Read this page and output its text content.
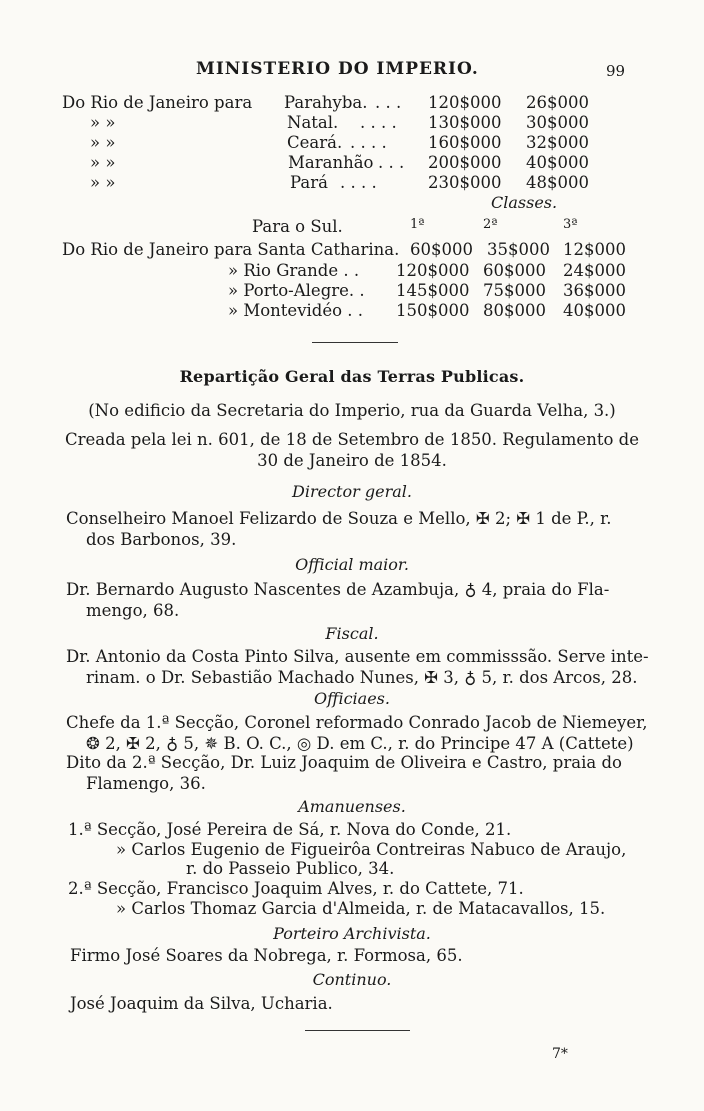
MINISTERIO DO IMPERIO.	99
Do Rio de Janeiro para Parahyba. . . . 120$000 26$000
» »	Natal. . . . . 130$000 30$000
» »	Ceará. . . . .	160$000 32$000
» »	Maranhão . . . 200$000 40$000
» »	Pará . . . .	230$000 48$000
Classes.
Para o Sul.	1ª	2ª	3ª
Do Rio de Janeiro para Santa Catharina. 60$000 35$000 12$000
» Rio Grande . . 120$000 60$000 24$000
» Porto-Alegre. . 145$000 75$000 36$000
» Montevidéo . . 150$000 80$000 40$000
Repartição Geral das Terras Publicas.
(No edificio da Secretaria do Imperio, rua da Guarda Velha, 3.)
Creada pela lei n. 601, de 18 de Setembro de 1850. Regulamento de
30 de Janeiro de 1854.
Director geral.
Conselheiro Manoel Felizardo de Souza e Mello, ✠ 2; ✠ 1 de P., r.
dos Barbonos, 39.
Official maior.
Dr. Bernardo Augusto Nascentes de Azambuja, ♁ 4, praia do Fla-
mengo, 68.
Fiscal.
Dr. Antonio da Costa Pinto Silva, ausente em commisssão. Serve inte-
rinam. o Dr. Sebastião Machado Nunes, ✠ 3, ♁ 5, r. dos Arcos, 28.
Officiaes.
Chefe da 1.ª Secção, Coronel reformado Conrado Jacob de Niemeyer,
❂ 2, ✠ 2, ♁ 5, ✵ B. O. C., ◎ D. em C., r. do Principe 47 A (Cattete)
Dito da 2.ª Secção, Dr. Luiz Joaquim de Oliveira e Castro, praia do
Flamengo, 36.
Amanuenses.
1.ª Secção, José Pereira de Sá, r. Nova do Conde, 21.
» Carlos Eugenio de Figueirôa Contreiras Nabuco de Araujo,
r. do Passeio Publico, 34.
2.ª Secção, Francisco Joaquim Alves, r. do Cattete, 71.
» Carlos Thomaz Garcia d'Almeida, r. de Matacavallos, 15.
Porteiro Archivista.
Firmo José Soares da Nobrega, r. Formosa, 65.
Continuo.
José Joaquim da Silva, Ucharia.
7*
